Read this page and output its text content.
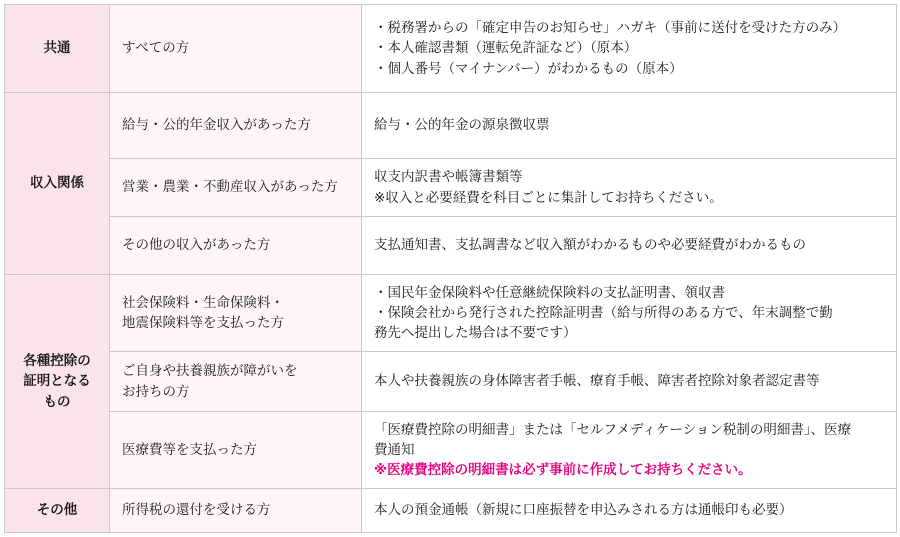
共通	すべての方	・税務署からの「確定申告のお知らせ」ハガキ（事前に送付を受けた方のみ）
・本人確認書類（運転免許証など）（原本）
・個人番号（マイナンバー）がわかるもの（原本）

収入関係	給与・公的年金収入があった方	給与・公的年金の源泉徴収票

	営業・農業・不動産収入があった方	収支内訳書や帳簿書類等
※収入と必要経費を科目ごとに集計してお持ちください。

	その他の収入があった方	支払通知書、支払調書など収入額がわかるものや必要経費がわかるもの

各種控除の
証明となる
もの	社会保険料・生命保険料・
地震保険料等を支払った方	・国民年金保険料や任意継続保険料の支払証明書、領収書
・保険会社から発行された控除証明書（給与所得のある方で、年末調整で勤
務先へ提出した場合は不要です）

	ご自身や扶養親族が障がいを
お持ちの方	本人や扶養親族の身体障害者手帳、療育手帳、障害者控除対象者認定書等

	医療費等を支払った方	「医療費控除の明細書」または「セルフメディケーション税制の明細書」、医療
費通知
※医療費控除の明細書は必ず事前に作成してお持ちください。

その他	所得税の還付を受ける方	本人の預金通帳（新規に口座振替を申込みされる方は通帳印も必要）
